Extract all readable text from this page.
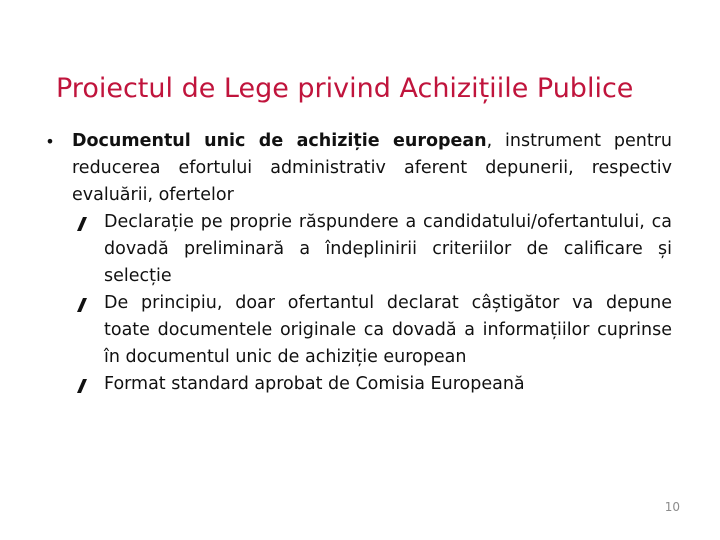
Proiectul de Lege privind Achizițiile Publice
• Documentul unic de achiziție european, instrument pentru reducerea efortului administrativ aferent depunerii, respectiv evaluării, ofertelor
Declarație pe proprie răspundere a candidatului/ofertantului, ca dovadă preliminară a îndeplinirii criteriilor de calificare și selecție
De principiu, doar ofertantul declarat câștigător va depune toate documentele originale ca dovadă a informațiilor cuprinse în documentul unic de achiziție european
Format standard aprobat de Comisia Europeană
10
